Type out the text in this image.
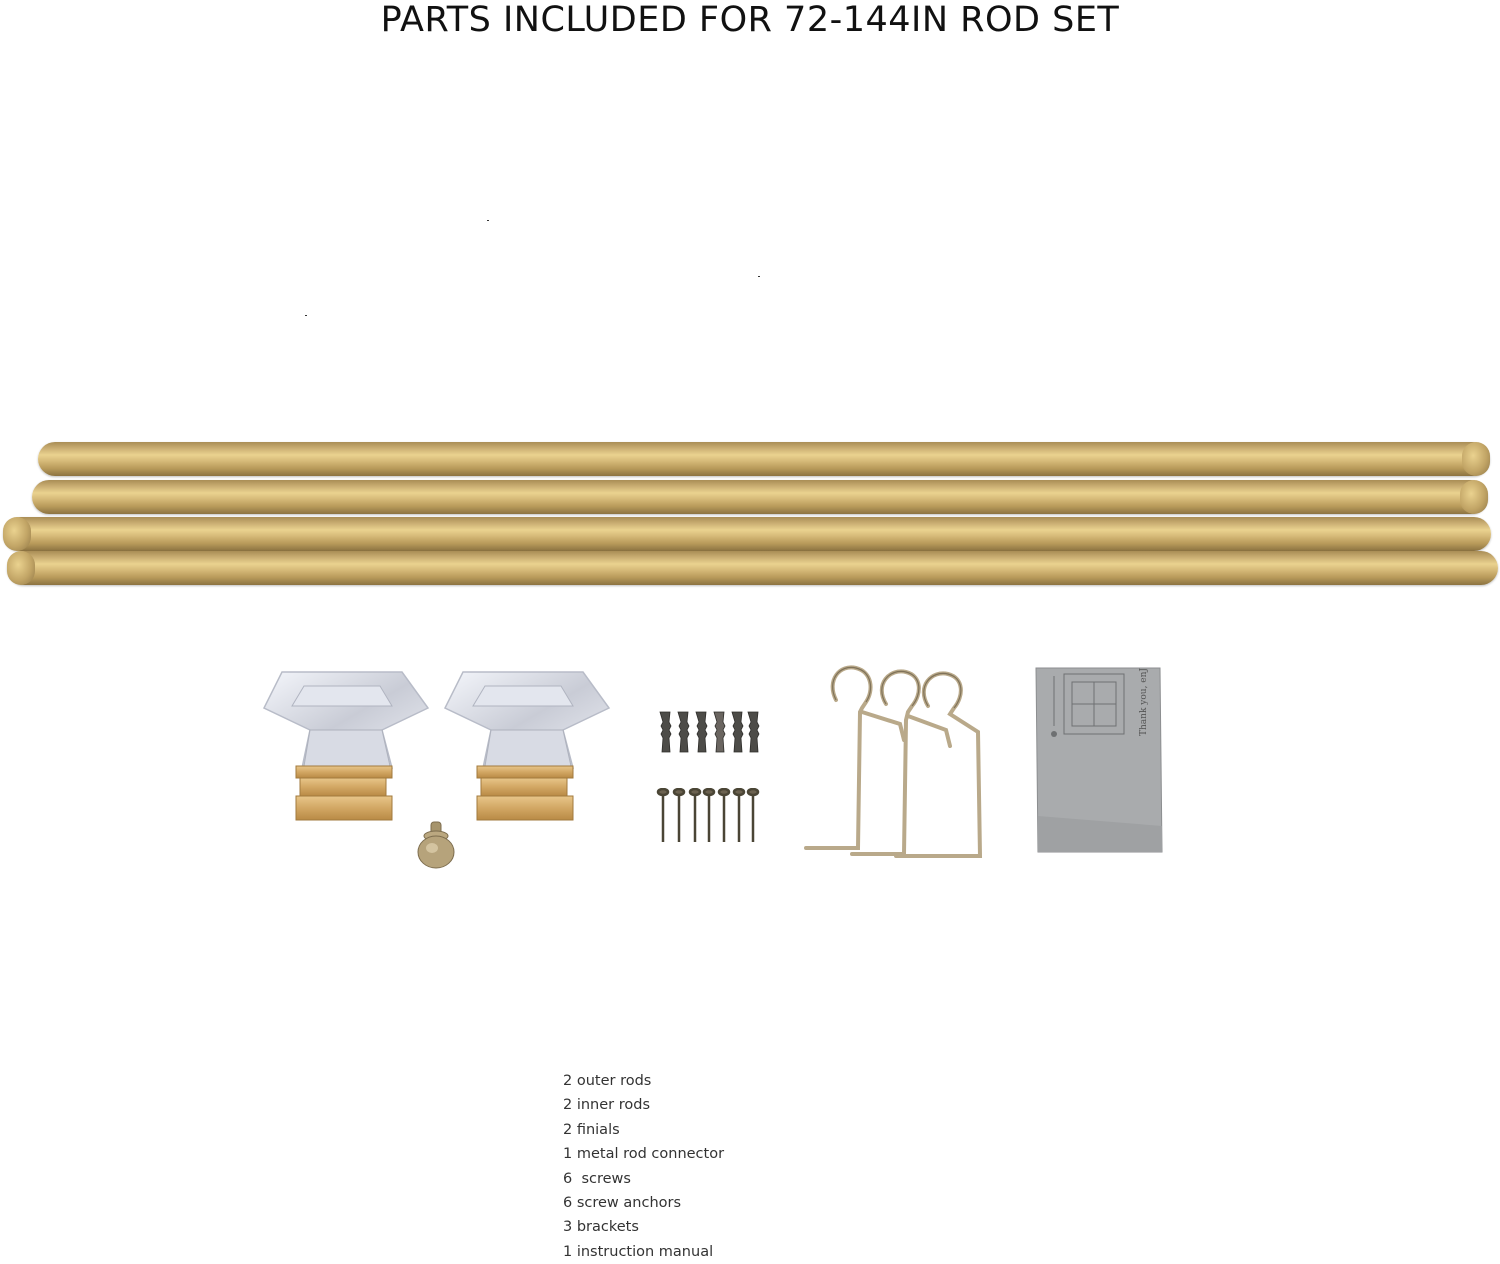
PARTS INCLUDED FOR 72-144IN ROD SET
Thank you, enJ
2 outer rods
2 inner rods
2 finials
1 metal rod connector
6  screws
6 screw anchors
3 brackets
1 instruction manual
